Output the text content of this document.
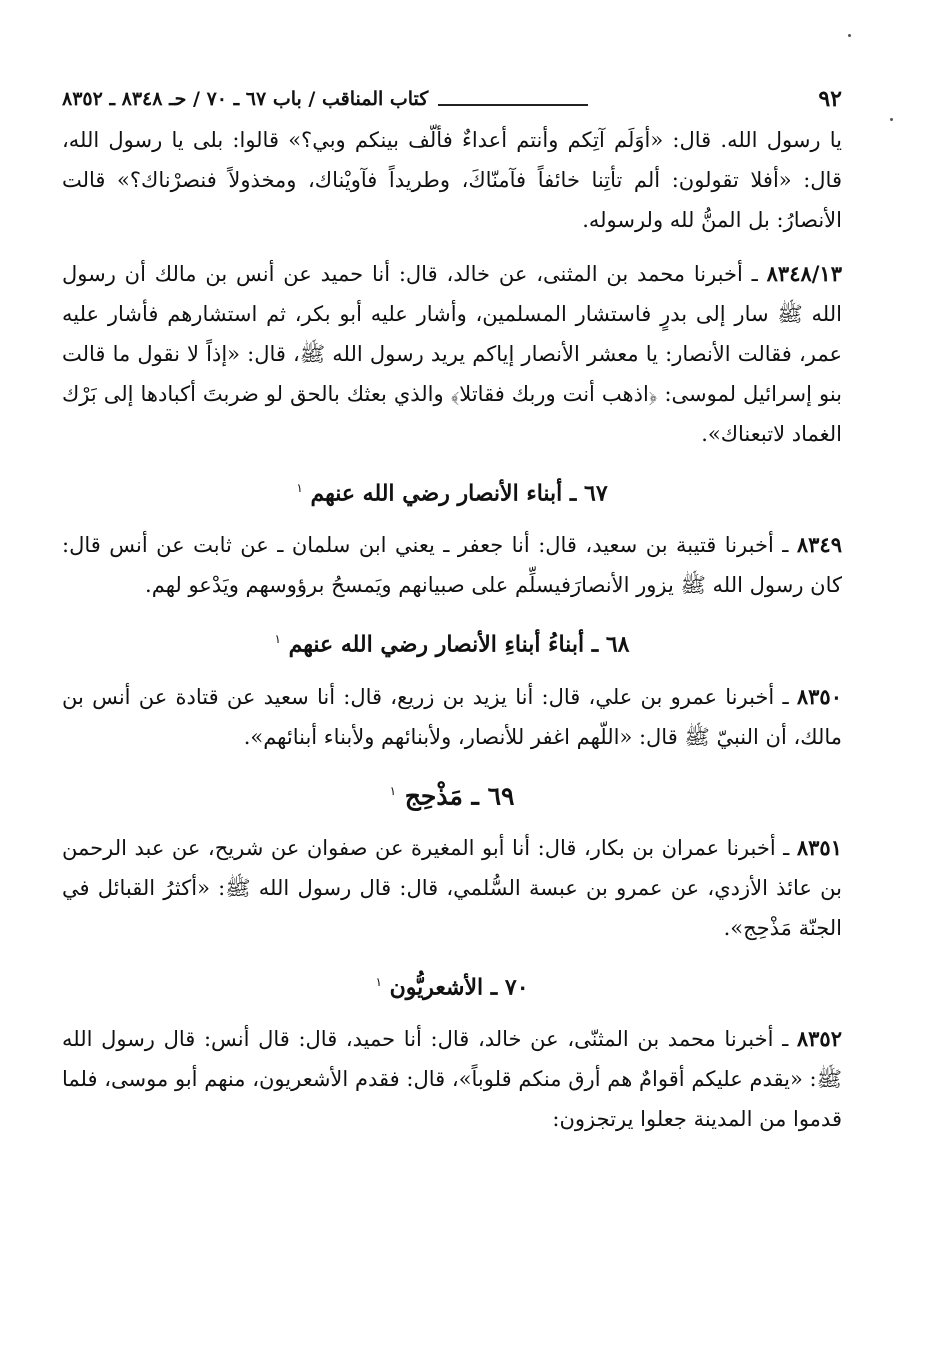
٩٢
كتاب المناقب / باب ٦٧ ـ ٧٠ / حـ ٨٣٤٨ ـ ٨٣٥٢

يا رسول الله. قال: «أوَلَم آتِكم وأنتم أعداءٌ فألّف بينكم وبي؟» قالوا: بلى يا رسول الله، قال: «أفلا تقولون: ألم تأتِنا خائفاً فآمنّاكَ، وطريداً فآويْناك، ومخذولاً فنصرْناك؟» قالت الأنصارُ: بل المنُّ لله ولرسوله.

٨٣٤٨/١٣ ـ أخبرنا محمد بن المثنى، عن خالد، قال: أنا حميد عن أنس بن مالك أن رسول الله ﷺ سار إلى بدرٍ فاستشار المسلمين، وأشار عليه أبو بكر، ثم استشارهم فأشار عليه عمر، فقالت الأنصار: يا معشر الأنصار إياكم يريد رسول الله ﷺ، قال: «إذاً لا نقول ما قالت بنو إسرائيل لموسى: ﴿اذهب أنت وربك فقاتلا﴾ والذي بعثك بالحق لو ضربتَ أكبادها إلى بَرْك الغماد لاتبعناك».

٦٧ ـ أبناء الأنصار رضي الله عنهم $^١$

٨٣٤٩ ـ أخبرنا قتيبة بن سعيد، قال: أنا جعفر ـ يعني ابن سلمان ـ عن ثابت عن أنس قال: كان رسول الله ﷺ يزور الأنصارَفيسلِّم على صبيانهم ويَمسحُ برؤوسهم ويَدْعو لهم.

٦٨ ـ أبناءُ أبناءِ الأنصار رضي الله عنهم $^١$

٨٣٥٠ ـ أخبرنا عمرو بن علي، قال: أنا يزيد بن زريع، قال: أنا سعيد عن قتادة عن أنس بن مالك، أن النبيّ ﷺ قال: «اللّهم اغفر للأنصار، ولأبنائهم ولأبناء أبنائهم».

٦٩ ـ مَذْحِج $^١$

٨٣٥١ ـ أخبرنا عمران بن بكار، قال: أنا أبو المغيرة عن صفوان عن شريح، عن عبد الرحمن بن عائذ الأزدي، عن عمرو بن عبسة السُّلمي، قال: قال رسول الله ﷺ: «أكثرُ القبائل في الجنّة مَذْحِج».

٧٠ ـ الأشعريُّون $^١$

٨٣٥٢ ـ أخبرنا محمد بن المثنّى، عن خالد، قال: أنا حميد، قال: قال أنس: قال رسول الله ﷺ: «يقدم عليكم أقوامٌ هم أرق منكم قلوباً»، قال: فقدم الأشعريون، منهم أبو موسى، فلما قدموا من المدينة جعلوا يرتجزون:
